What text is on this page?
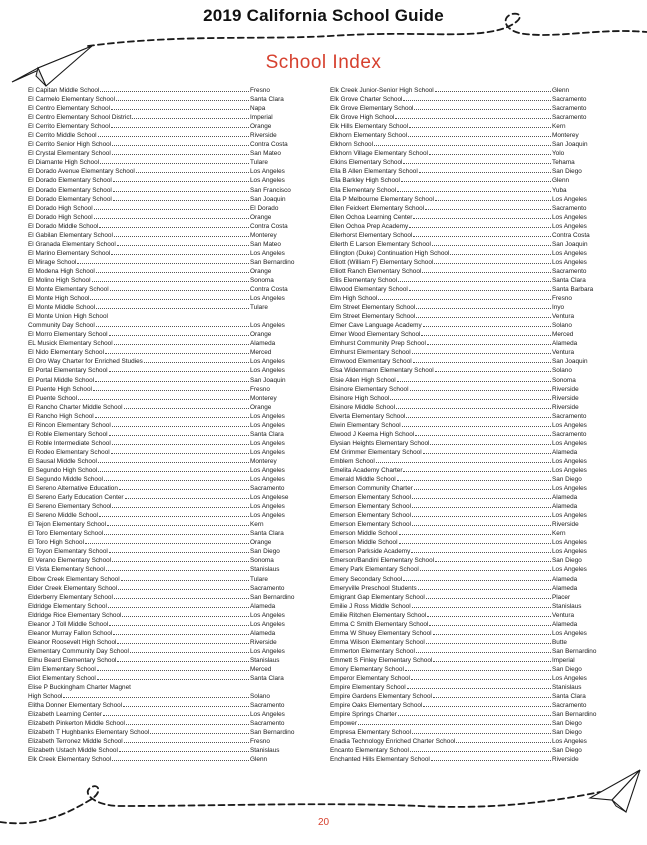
2019 California School Guide
School Index
El Capitan Middle School	Fresno
El Carmelo Elementary School	Santa Clara
El Centro Elementary School	Napa
El Centro Elementary School District	Imperial
El Cerrito Elementary School	Orange
El Cerrito Middle School	Riverside
El Cerrito Senior High School	Contra Costa
El Crystal Elementary School	San Mateo
El Diamante High School	Tulare
El Dorado Avenue Elementary School	Los Angeles
El Dorado Elementary School	Los Angeles
El Dorado Elementary School	San Francisco
El Dorado Elementary School	San Joaquin
El Dorado High School	El Dorado
El Dorado High School	Orange
El Dorado Middle School	Contra Costa
El Gabilan Elementary School	Monterey
El Granada Elementary School	San Mateo
El Marino Elementary School	Los Angeles
El Mirage School	San Bernardino
El Modena High School	Orange
El Molino High School	Sonoma
El Monte Elementary School	Contra Costa
El Monte High School	Los Angeles
El Monte Middle School	Tulare
El Monte Union High School
Community Day School	Los Angeles
El Morro Elementary School	Orange
EL Musick Elementary School	Alameda
El Nido Elementary School	Merced
El Oro Way Charter for Enriched Studies	Los Angeles
El Portal Elementary School	Los Angeles
El Portal Middle School	San Joaquin
El Puente High School	Fresno
El Puente School	Monterey
El Rancho Charter Middle School	Orange
El Rancho High School	Los Angeles
El Rincon Elementary School	Los Angeles
El Roble Elementary School	Santa Clara
El Roble Intermediate School	Los Angeles
El Rodeo Elementary School	Los Angeles
El Sausal Middle School	Monterey
El Segundo High School	Los Angeles
El Segundo Middle School	Los Angeles
El Sereno Alternative Education	Sacramento
El Sereno Early Education Center	Los Angelese
El Sereno Elementary School	Los Angeles
El Sereno Middle School	Los Angeles
El Tejon Elementary School	Kern
El Toro Elementary School	Santa Clara
El Toro High School	Orange
El Toyon Elementary School	San Diego
El Verano Elementary School	Sonoma
El Vista Elementary School	Stanislaus
Elbow Creek Elementary School	Tulare
Elder Creek Elementary School	Sacramento
Elderberry Elementary School	San Bernardino
Eldridge Elementary School	Alameda
Eldridge Rice Elementary School	Los Angeles
Eleanor J Toll Middle School	Los Angeles
Eleanor Murray Fallon School	Alameda
Eleanor Roosevelt High School	Riverside
Elementary Community Day School	Los Angeles
Elihu Beard Elementary School	Stanislaus
Elim Elementary School	Merced
Eliot Elementary School	Santa Clara
Elise P Buckingham Charter Magnet
High School	Solano
Elitha Donner Elementary School	Sacramento
Elizabeth Learning Center	Los Angeles
Elizabeth Pinkerton Middle School	Sacramento
Elizabeth T Hughbanks Elementary School	San Bernardino
Elizabeth Terronez Middle School	Fresno
Elizabeth Ustach Middle School	Stanislaus
Elk Creek Elementary School	Glenn
Elk Creek Junior-Senior High School	Glenn
Elk Grove Charter School	Sacramento
Elk Grove Elementary School	Sacramento
Elk Grove High School	Sacramento
Elk Hills Elementary School	Kern
Elkhorn Elementary School	Monterey
Elkhorn School	San Joaquin
Elkhorn Village Elementary School	Yolo
Elkins Elementary School	Tehama
Ella B Allen Elementary School	San Diego
Ella Barkley High School	Glenn
Ella Elementary School	Yuba
Ella P Melbourne Elementary School	Los Angeles
Ellen Feickert Elementary School	Sacramento
Ellen Ochoa Learning Center	Los Angeles
Ellen Ochoa Prep Academy	Los Angeles
Ellerhorst Elementary School	Contra Costa
Ellerth E Larson Elementary School	San Joaquin
Ellington (Duke) Continuation High School	Los Angeles
Elliott (William F) Elementary School	Los Angeles
Elliott Ranch Elementary School	Sacramento
Ellis Elementary School	Santa Clara
Ellwood Elementary School	Santa Barbara
Elm High School	Fresno
Elm Street Elementary School	Inyo
Elm Street Elementary School	Ventura
Elmer Cave Language Academy	Solano
Elmer Wood Elementary School	Merced
Elmhurst Community Prep School	Alameda
Elmhurst Elementary School	Ventura
Elmwood Elementary School	San Joaquin
Elsa Widenmann Elementary School	Solano
Elsie Allen High School	Sonoma
Elsinore Elementary School	Riverside
Elsinore High School	Riverside
Elsinore Middle School	Riverside
Elverta Elementary School	Sacramento
Elwin Elementary School	Los Angeles
Elwood J Keema High School	Sacramento
Elysian Heights Elementary School	Los Angeles
EM Grimmer Elementary School	Alameda
Emblem School	Los Angeles
Emelita Academy Charter	Los Angeles
Emerald Middle School	San Diego
Emerson Community Charter	Los Angeles
Emerson Elementary School	Alameda
Emerson Elementary School	Alameda
Emerson Elementary School	Los Angeles
Emerson Elementary School	Riverside
Emerson Middle School	Kern
Emerson Middle School	Los Angeles
Emerson Parkside Academy	Los Angeles
Emerson/Bandini Elementary School	San Diego
Emery Park Elementary School	Los Angeles
Emery Secondary School	Alameda
Emeryville Preschool Students	Alameda
Emigrant Gap Elementary School	Placer
Emilie J Ross Middle School	Stanislaus
Emilie Ritchen Elementary School	Ventura
Emma C Smith Elementary School	Alameda
Emma W Shuey Elementary School	Los Angeles
Emma Wilson Elementary School	Butte
Emmerton Elementary School	San Bernardino
Emmett S Finley Elementary School	Imperial
Emory Elementary School	San Diego
Emperor Elementary School	Los Angeles
Empire Elementary School	Stanislaus
Empire Gardens Elementary School	Santa Clara
Empire Oaks Elementary School	Sacramento
Empire Springs Charter	San Bernardino
Empower	San Diego
Empresa Elementary School	San Diego
Enadia Technology Enriched Charter School	Los Angeles
Encanto Elementary School	San Diego
Enchanted Hills Elementary School	Riverside
20
